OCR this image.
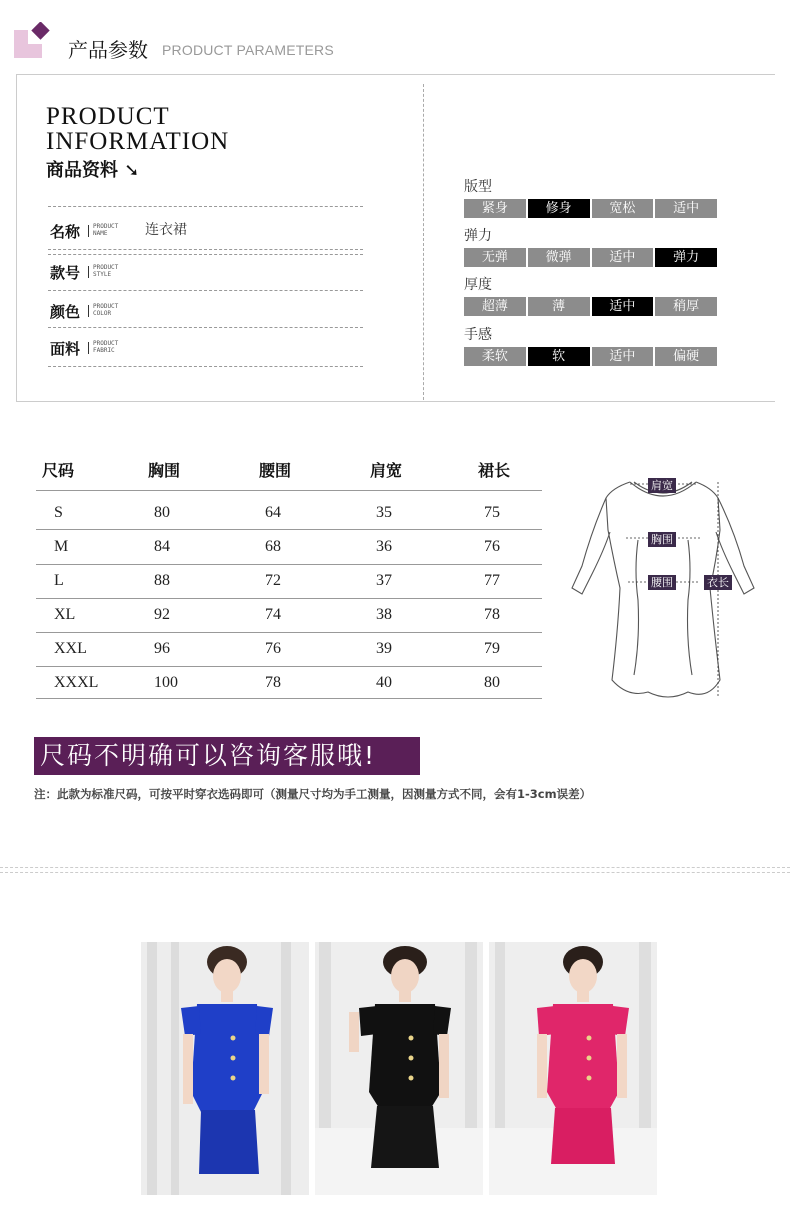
产品参数 PRODUCT PARAMETERS
PRODUCT
INFORMATION
商品资料 ➘
名称 PRODUCT
NAME	连衣裙
款号 PRODUCT
STYLE
颜色 PRODUCT
COLOR
面料 PRODUCT
FABRIC
版型
紧身	修身	宽松	适中
弹力
无弹	微弹	适中	弹力
厚度
超薄	薄	适中	稍厚
手感
柔软	软	适中	偏硬
尺码	胸围	腰围	肩宽	裙长
S	80	64	35	75
M	84	68	36	76
L	88	72	37	77
XL	92	74	38	78
XXL	96	76	39	79
XXXL	100	78	40	80
肩宽
胸围
腰围	衣长
尺码不明确可以咨询客服哦!
注：此款为标准尺码，可按平时穿衣选码即可（测量尺寸均为手工测量，因测量方式不同，会有1-3cm误差）
